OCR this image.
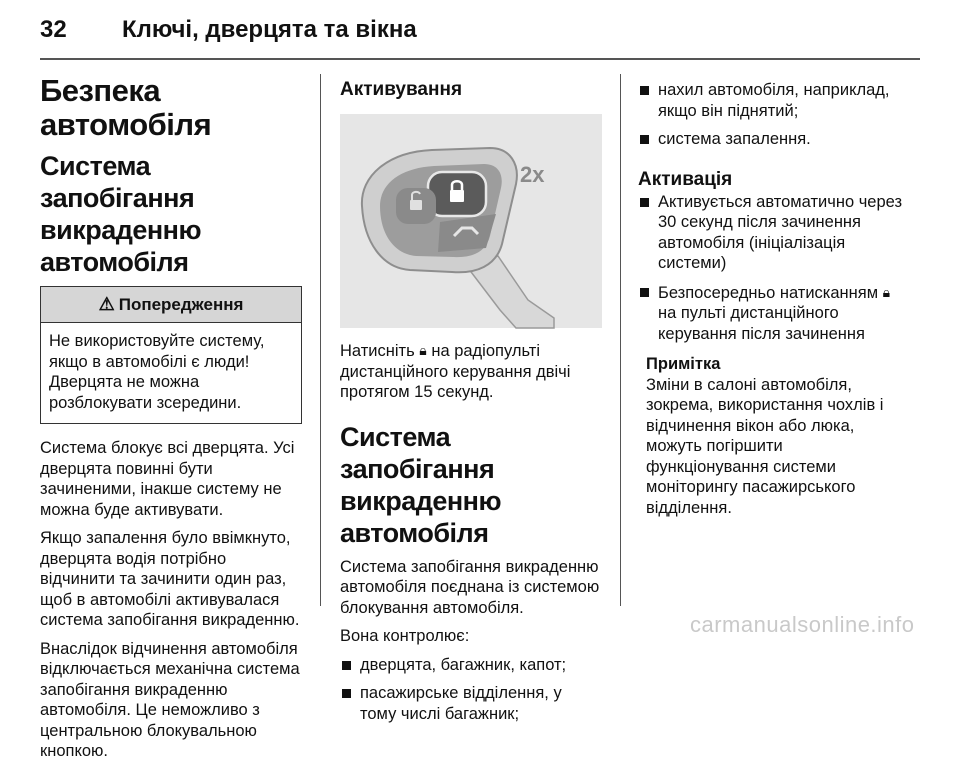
32 Ключі, дверцята та вікна
Безпека автомобіля
Система запобігання
викраденню автомобіля
⚠ Попередження
Не використовуйте систему, якщо в автомобілі є люди! Дверцята не можна розблокувати зсередини.

Система блокує всі дверцята. Усі дверцята повинні бути зачиненими, інакше систему не можна буде активувати.

Якщо запалення було ввімкнуто, дверцята водія потрібно відчинити та зачинити один раз, щоб в автомобілі активувалася система запобігання викраденню.

Внаслідок відчинення автомобіля відключається механічна система запобігання викраденню автомобіля. Це неможливо з центральною блокувальною кнопкою.

Активування
2x

Натисніть 🔒︎ на радіопульті дистанційного керування двічі протягом 15 секунд.

Система запобігання
викраденню автомобіля

Система запобігання викраденню автомобіля поєднана із системою блокування автомобіля.

Вона контролює:

дверцята, багажник, капот;
пасажирське відділення, у тому числі багажник;
нахил автомобіля, наприклад, якщо він піднятий;
система запалення.
Активація
Активується автоматично через 30 секунд після зачинення автомобіля (ініціалізація системи)
Безпосередньо натисканням 🔒︎ на пульті дистанційного керування після зачинення
Примітка
Зміни в салоні автомобіля, зокрема, використання чохлів і відчинення вікон або люка, можуть погіршити функціонування системи моніторингу пасажирського відділення.
carmanualsonline.info
